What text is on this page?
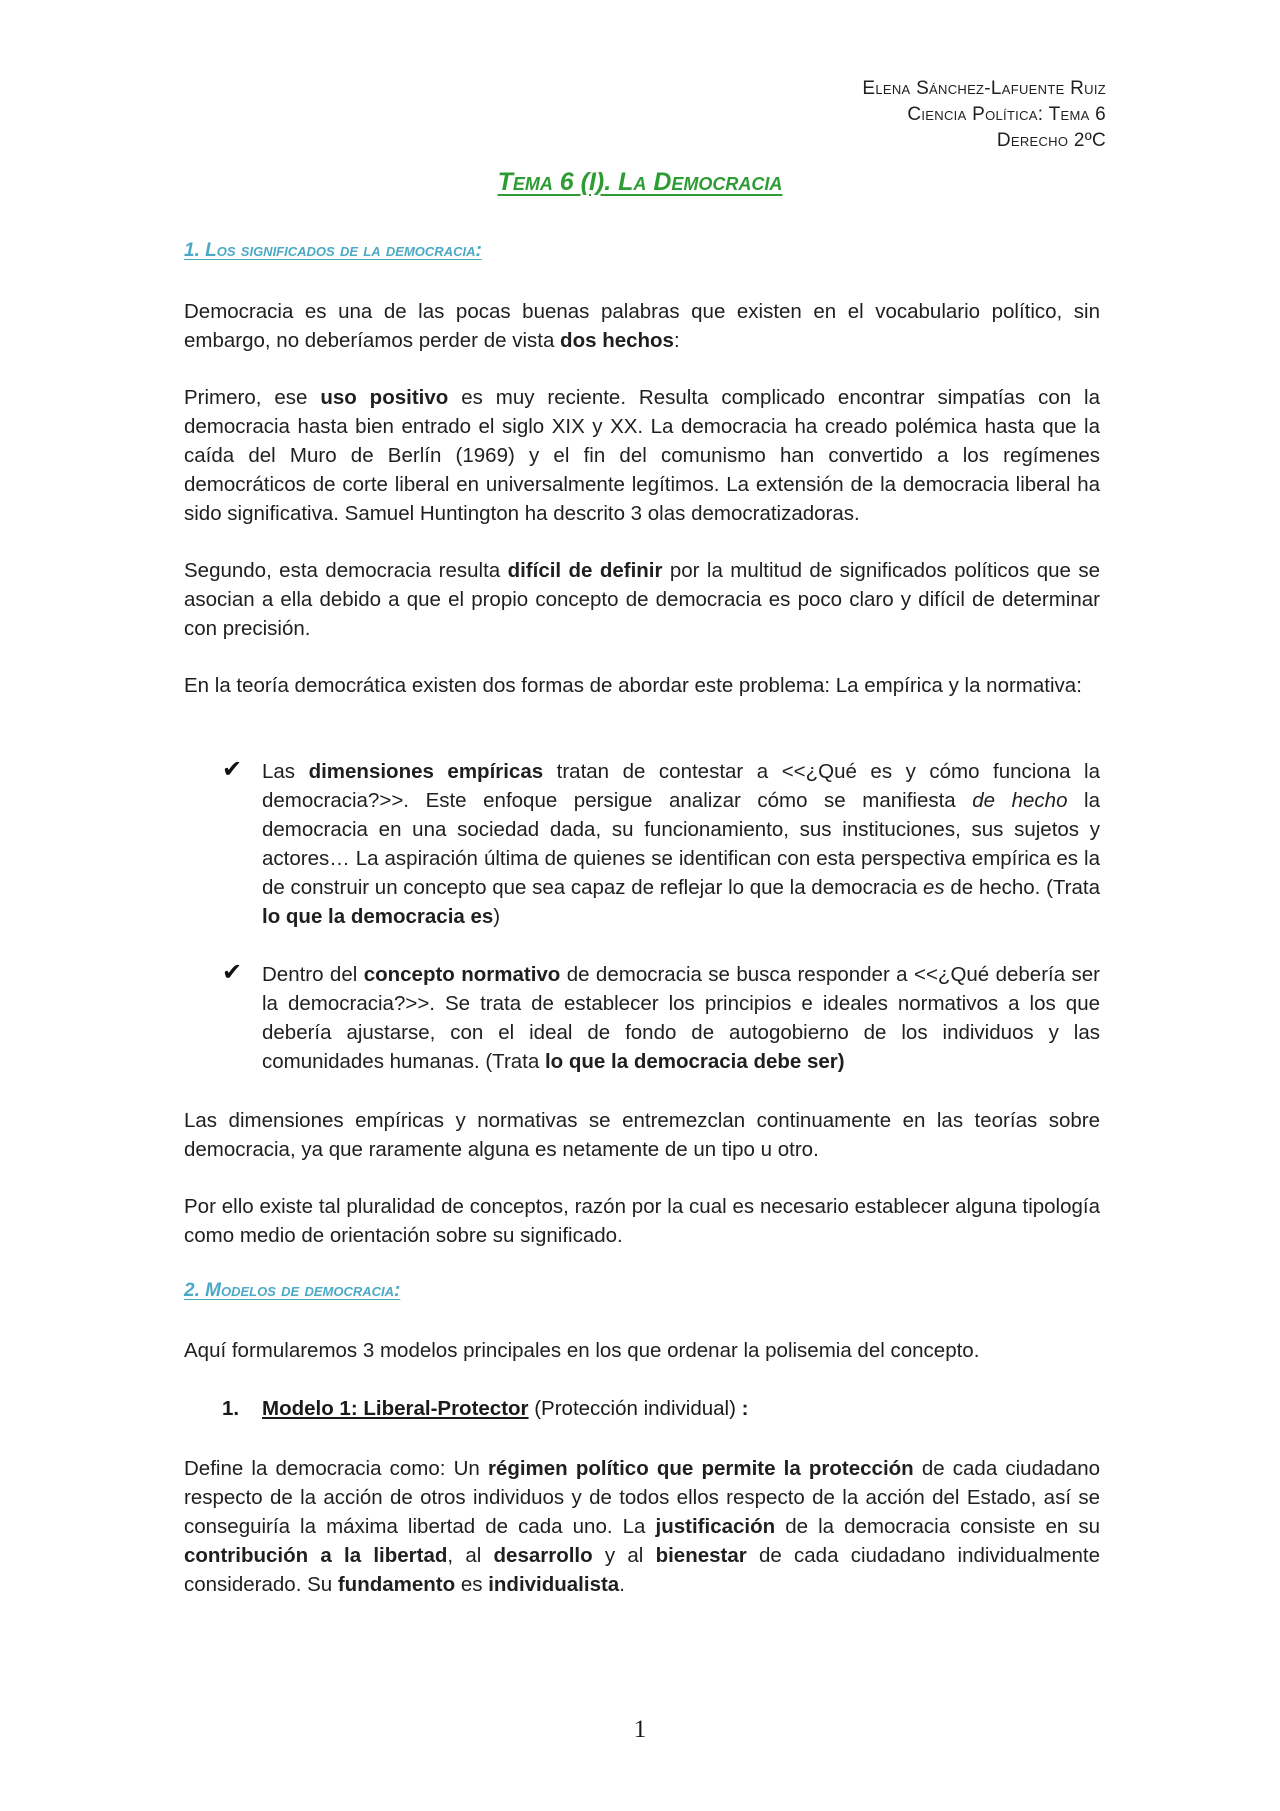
Elena Sánchez-Lafuente Ruiz
Ciencia Política: Tema 6
Derecho 2ºC
Tema 6 (I). La Democracia
1. Los significados de la democracia:

Democracia es una de las pocas buenas palabras que existen en el vocabulario político, sin embargo, no deberíamos perder de vista dos hechos:

Primero, ese uso positivo es muy reciente. Resulta complicado encontrar simpatías con la democracia hasta bien entrado el siglo XIX y XX. La democracia ha creado polémica hasta que la caída del Muro de Berlín (1969) y el fin del comunismo han convertido a los regímenes democráticos de corte liberal en universalmente legítimos. La extensión de la democracia liberal ha sido significativa. Samuel Huntington ha descrito 3 olas democratizadoras.

Segundo, esta democracia resulta difícil de definir por la multitud de significados políticos que se asocian a ella debido a que el propio concepto de democracia es poco claro y difícil de determinar con precisión.

En la teoría democrática existen dos formas de abordar este problema: La empírica y la normativa:

✔ Las dimensiones empíricas tratan de contestar a <<¿Qué es y cómo funciona la democracia?>>. Este enfoque persigue analizar cómo se manifiesta de hecho la democracia en una sociedad dada, su funcionamiento, sus instituciones, sus sujetos y actores… La aspiración última de quienes se identifican con esta perspectiva empírica es la de construir un concepto que sea capaz de reflejar lo que la democracia es de hecho. (Trata lo que la democracia es)

✔ Dentro del concepto normativo de democracia se busca responder a <<¿Qué debería ser la democracia?>>. Se trata de establecer los principios e ideales normativos a los que debería ajustarse, con el ideal de fondo de autogobierno de los individuos y las comunidades humanas. (Trata lo que la democracia debe ser)

Las dimensiones empíricas y normativas se entremezclan continuamente en las teorías sobre democracia, ya que raramente alguna es netamente de un tipo u otro.

Por ello existe tal pluralidad de conceptos, razón por la cual es necesario establecer alguna tipología como medio de orientación sobre su significado.

2. Modelos de democracia:

Aquí formularemos 3 modelos principales en los que ordenar la polisemia del concepto.

1. Modelo 1: Liberal-Protector (Protección individual) :

Define la democracia como: Un régimen político que permite la protección de cada ciudadano respecto de la acción de otros individuos y de todos ellos respecto de la acción del Estado, así se conseguiría la máxima libertad de cada uno. La justificación de la democracia consiste en su contribución a la libertad, al desarrollo y al bienestar de cada ciudadano individualmente considerado. Su fundamento es individualista.

1
